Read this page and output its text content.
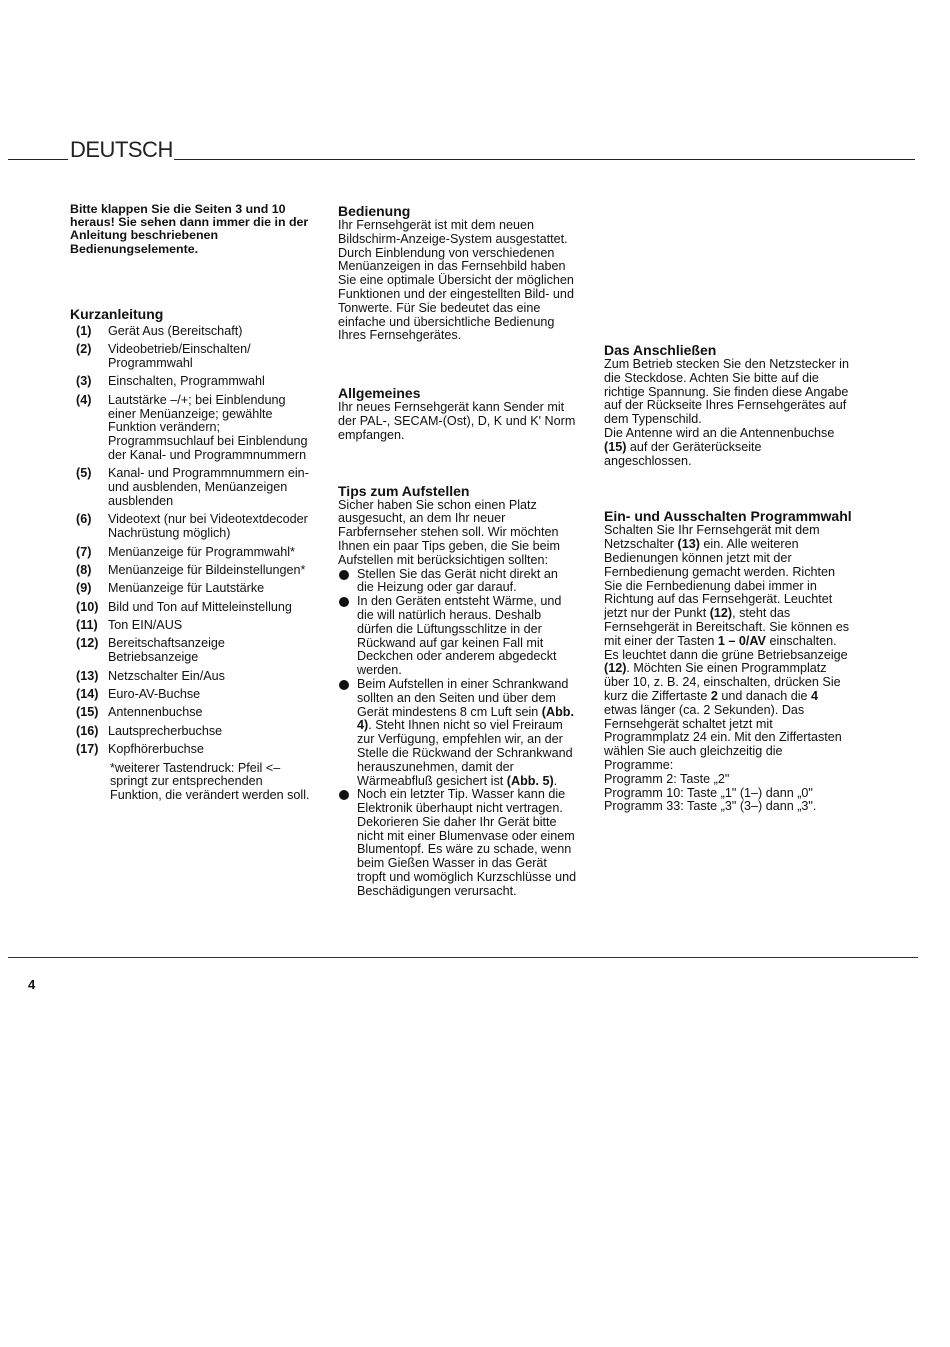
DEUTSCH

Bitte klappen Sie die Seiten 3 und 10 heraus! Sie sehen dann immer die in der Anleitung beschriebenen Bedienungselemente.

Kurzanleitung
(1)	Gerät Aus (Bereitschaft)
(2)	Videobetrieb/Einschalten/ Programmwahl
(3)	Einschalten, Programmwahl
(4)	Lautstärke –/+; bei Einblendung einer Menüanzeige; gewählte Funktion verändern; Programmsuchlauf bei Einblendung der Kanal- und Programmnummern
(5)	Kanal- und Programmnummern ein- und ausblenden, Menüanzeigen ausblenden
(6)	Videotext (nur bei Videotextdecoder Nachrüstung möglich)
(7)	Menüanzeige für Programmwahl*
(8)	Menüanzeige für Bildeinstellungen*
(9)	Menüanzeige für Lautstärke
(10) Bild und Ton auf Mitteleinstellung
(11) Ton EIN/AUS
(12) Bereitschaftsanzeige Betriebsanzeige
(13) Netzschalter Ein/Aus
(14) Euro-AV-Buchse
(15) Antennenbuchse
(16) Lautsprecherbuchse
(17) Kopfhörerbuchse

*weiterer Tastendruck: Pfeil <– springt zur entsprechenden Funktion, die verändert werden soll.

Bedienung

Ihr Fernsehgerät ist mit dem neuen Bildschirm-Anzeige-System ausgestattet. Durch Einblendung von verschiedenen Menüanzeigen in das Fernsehbild haben Sie eine optimale Übersicht der möglichen Funktionen und der eingestellten Bild- und Tonwerte. Für Sie bedeutet das eine einfache und übersichtliche Bedienung Ihres Fernsehgerätes.

Allgemeines

Ihr neues Fernsehgerät kann Sender mit der PAL-, SECAM-(Ost), D, K und K' Norm empfangen.

Tips zum Aufstellen

Sicher haben Sie schon einen Platz ausgesucht, an dem Ihr neuer Farbfernseher stehen soll. Wir möchten Ihnen ein paar Tips geben, die Sie beim Aufstellen mit berücksichtigen sollten:

Stellen Sie das Gerät nicht direkt an die Heizung oder gar darauf.
In den Geräten entsteht Wärme, und die will natürlich heraus. Deshalb dürfen die Lüftungsschlitze in der Rückwand auf gar keinen Fall mit Deckchen oder anderem abgedeckt werden.
Beim Aufstellen in einer Schrankwand sollten an den Seiten und über dem Gerät mindestens 8 cm Luft sein (Abb. 4). Steht Ihnen nicht so viel Freiraum zur Verfügung, empfehlen wir, an der Stelle die Rückwand der Schrankwand herauszunehmen, damit der Wärmeabfluß gesichert ist (Abb. 5).
Noch ein letzter Tip. Wasser kann die Elektronik überhaupt nicht vertragen. Dekorieren Sie daher Ihr Gerät bitte nicht mit einer Blumenvase oder einem Blumentopf. Es wäre zu schade, wenn beim Gießen Wasser in das Gerät tropft und womöglich Kurzschlüsse und Beschädigungen verursacht.
Das Anschließen

Zum Betrieb stecken Sie den Netzstecker in die Steckdose. Achten Sie bitte auf die richtige Spannung. Sie finden diese Angabe auf der Rückseite Ihres Fernsehgerätes auf dem Typenschild.
Die Antenne wird an die Antennenbuchse (15) auf der Geräterückseite angeschlossen.

Ein- und Ausschalten Programmwahl

Schalten Sie Ihr Fernsehgerät mit dem Netzschalter (13) ein. Alle weiteren Bedienungen können jetzt mit der Fernbedienung gemacht werden. Richten Sie die Fernbedienung dabei immer in Richtung auf das Fernsehgerät. Leuchtet jetzt nur der Punkt (12), steht das Fernsehgerät in Bereitschaft. Sie können es mit einer der Tasten 1 – 0/AV einschalten. Es leuchtet dann die grüne Betriebsanzeige (12). Möchten Sie einen Programmplatz über 10, z. B. 24, einschalten, drücken Sie kurz die Ziffertaste 2 und danach die 4 etwas länger (ca. 2 Sekunden). Das Fernsehgerät schaltet jetzt mit Programmplatz 24 ein. Mit den Ziffertasten wählen Sie auch gleichzeitig die Programme:

Programm 2: Taste „2"
Programm 10: Taste „1" (1–) dann „0"
Programm 33: Taste „3" (3–) dann „3".
4
